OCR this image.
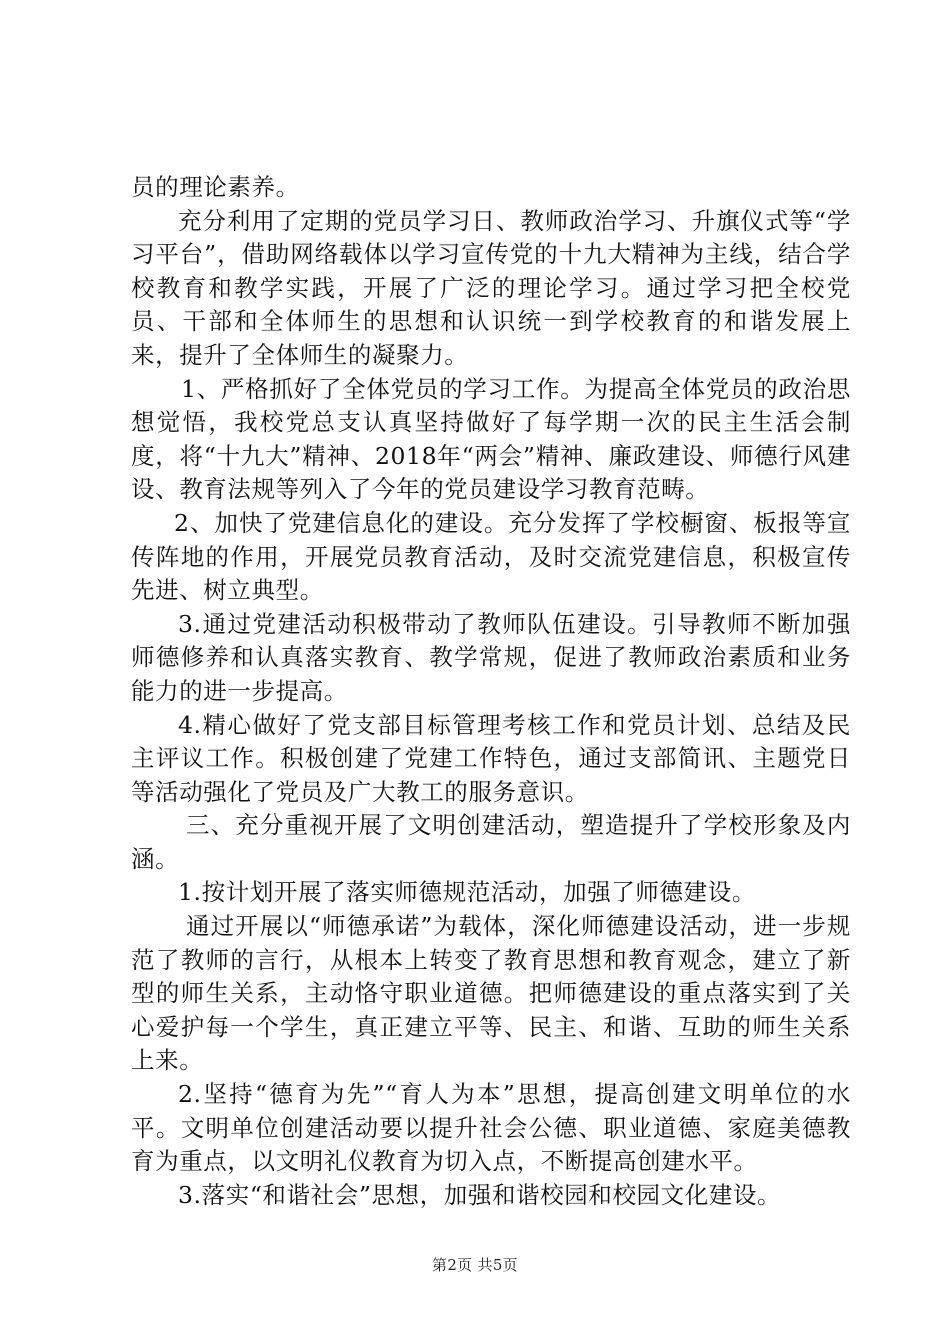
员的理论素养。

充分利用了定期的党员学习日、教师政治学习、升旗仪式等“学习平台”，借助网络载体以学习宣传党的十九大精神为主线，结合学校教育和教学实践，开展了广泛的理论学习。通过学习把全校党员、干部和全体师生的思想和认识统一到学校教育的和谐发展上来，提升了全体师生的凝聚力。

1、严格抓好了全体党员的学习工作。为提高全体党员的政治思想觉悟，我校党总支认真坚持做好了每学期一次的民主生活会制度，将“十九大”精神、2018年“两会”精神、廉政建设、师德行风建设、教育法规等列入了今年的党员建设学习教育范畴。

2、加快了党建信息化的建设。充分发挥了学校橱窗、板报等宣传阵地的作用，开展党员教育活动，及时交流党建信息，积极宣传先进、树立典型。

3.通过党建活动积极带动了教师队伍建设。引导教师不断加强师德修养和认真落实教育、教学常规，促进了教师政治素质和业务能力的进一步提高。

4.精心做好了党支部目标管理考核工作和党员计划、总结及民主评议工作。积极创建了党建工作特色，通过支部简讯、主题党日等活动强化了党员及广大教工的服务意识。

三、充分重视开展了文明创建活动，塑造提升了学校形象及内涵。

1.按计划开展了落实师德规范活动，加强了师德建设。

通过开展以“师德承诺”为载体，深化师德建设活动，进一步规范了教师的言行，从根本上转变了教育思想和教育观念，建立了新型的师生关系，主动恪守职业道德。把师德建设的重点落实到了关心爱护每一个学生，真正建立平等、民主、和谐、互助的师生关系上来。

2.坚持“德育为先”“育人为本”思想，提高创建文明单位的水平。文明单位创建活动要以提升社会公德、职业道德、家庭美德教育为重点，以文明礼仪教育为切入点，不断提高创建水平。

3.落实“和谐社会”思想，加强和谐校园和校园文化建设。

第2页 共5页
